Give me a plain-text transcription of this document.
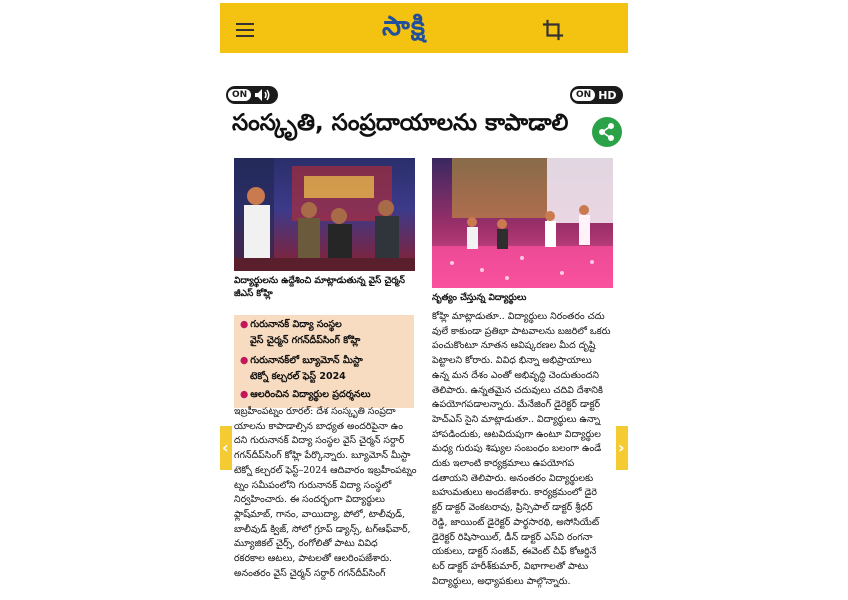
సాక్షి
ON	ON HD
సంస్కృతి, సంప్రదాయాలను కాపాడాలి
విద్యార్థులను ఉద్దేశించి మాట్లాడుతున్న వైస్‌ చైర్మన్‌ జీఎస్‌ కోహ్లి	నృత్యం చేస్తున్న విద్యార్థులు
● గురునానక్‌ విద్యా సంస్థల
వైస్‌ చైర్మన్‌ గగన్‌దీప్‌సింగ్‌ కోహ్లి
● గురునానక్‌లో బ్యూమోన్‌ మీస్టా
టెక్నో కల్చరల్‌ ఫెస్ట్‌ 2024
● ఆలరించిన విద్యార్థుల ప్రదర్శనలు

ఇబ్రహీంపట్నం రూరల్‌: దేశ సంస్కృతి సంప్రదా

యాలను కాపాడాల్సిన బాధ్యత అందరిపైనా ఉం

దని గురునానక్‌ విద్యా సంస్థల వైస్‌ చైర్మన్‌ సర్దార్‌

గగన్‌దీప్‌సింగ్‌ కోహ్లి పేర్కొన్నారు. బ్యూమోన్‌ మీస్టా

టెక్నో కల్చరల్‌ ఫెస్ట్‌–2024 ఆదివారం ఇబ్రహీంపట్నం

ట్నం సమీపంలోని గురునానక్‌ విద్యా సంస్థలో

నిర్వహించారు. ఈ సందర్భంగా విద్యార్థులు

ఫ్లాష్‌మాబ్‌, గానం, వాయిద్యా, పోలో, టాలీవుడ్‌,

బాలీవుడ్‌ క్విజ్‌, సోలో గ్రూప్‌ డ్యాన్స్‌, టగ్‌ఆఫ్‌వార్‌,

మ్యూజికల్‌ చైర్స్‌, రంగోలితో పాటు వివిధ

రకరకాల ఆటలు, పాటలతో ఆలరింపజేశారు.

అనంతరం వైస్‌ చైర్మన్‌ సర్దార్‌ గగన్‌దీప్‌సింగ్‌

కోహ్లి మాట్లాడుతూ.. విద్యార్థులు నిరంతరం చదు

వులే కాకుండా ప్రతిభా పాటవాలను బజరిలో ఒకరు

పంచుకొంటూ నూతన ఆవిష్కరణల మీద దృష్టి

పెట్టాలని కోరారు. వివిధ భిన్నా అభిప్రాయాలు

ఉన్న మన దేశం ఎంతో అభివృద్ధి చెందుతుందని

తెలిపారు. ఉన్నతమైన చదువులు చదివి దేశానికి

ఉపయోగపడాలన్నారు. మేనేజింగ్‌ డైరెక్టర్‌ డాక్టర్‌

హెచ్‌ఎస్‌ సైని మాట్లాడుతూ.. విద్యార్థులు ఉన్నా

హాపడిందుకు, ఆటవిదుపుగా ఉంటూ విద్యార్థుల

మధ్య గురుపు శిష్యుల సంబంధం బలంగా ఉండే

దుకు ఇలాంటి కార్యక్రమాలు ఉపయోగప

డతాయని తెలిపారు. అనంతరం విద్యార్థులకు

బహుమతులు అందజేశారు. కార్యక్రమంలో డైరె

క్టర్‌ డాక్టర్‌ వెంకటరావు, ప్రిన్సిపాల్‌ డాక్టర్‌ శ్రీధర్‌

రెడ్డి, జాయింట్‌ డైరెక్టర్‌ పార్థసారథి, అసోసియేట్‌

డైరెక్టర్‌ రిషిసాయిల్‌, డీన్‌ డాక్టర్‌ ఎస్‌వి రంగనా

యకులు, డాక్టర్‌ సంజీవ్‌, ఈవెంట్‌ చీఫ్‌ కోఆర్డినే

టర్‌ డాక్టర్‌ హరీశ్‌కుమార్‌, విభాగాలతో పాటు

విద్యార్థులు, అధ్యాపకులు పాల్గొన్నారు.

‹	›
